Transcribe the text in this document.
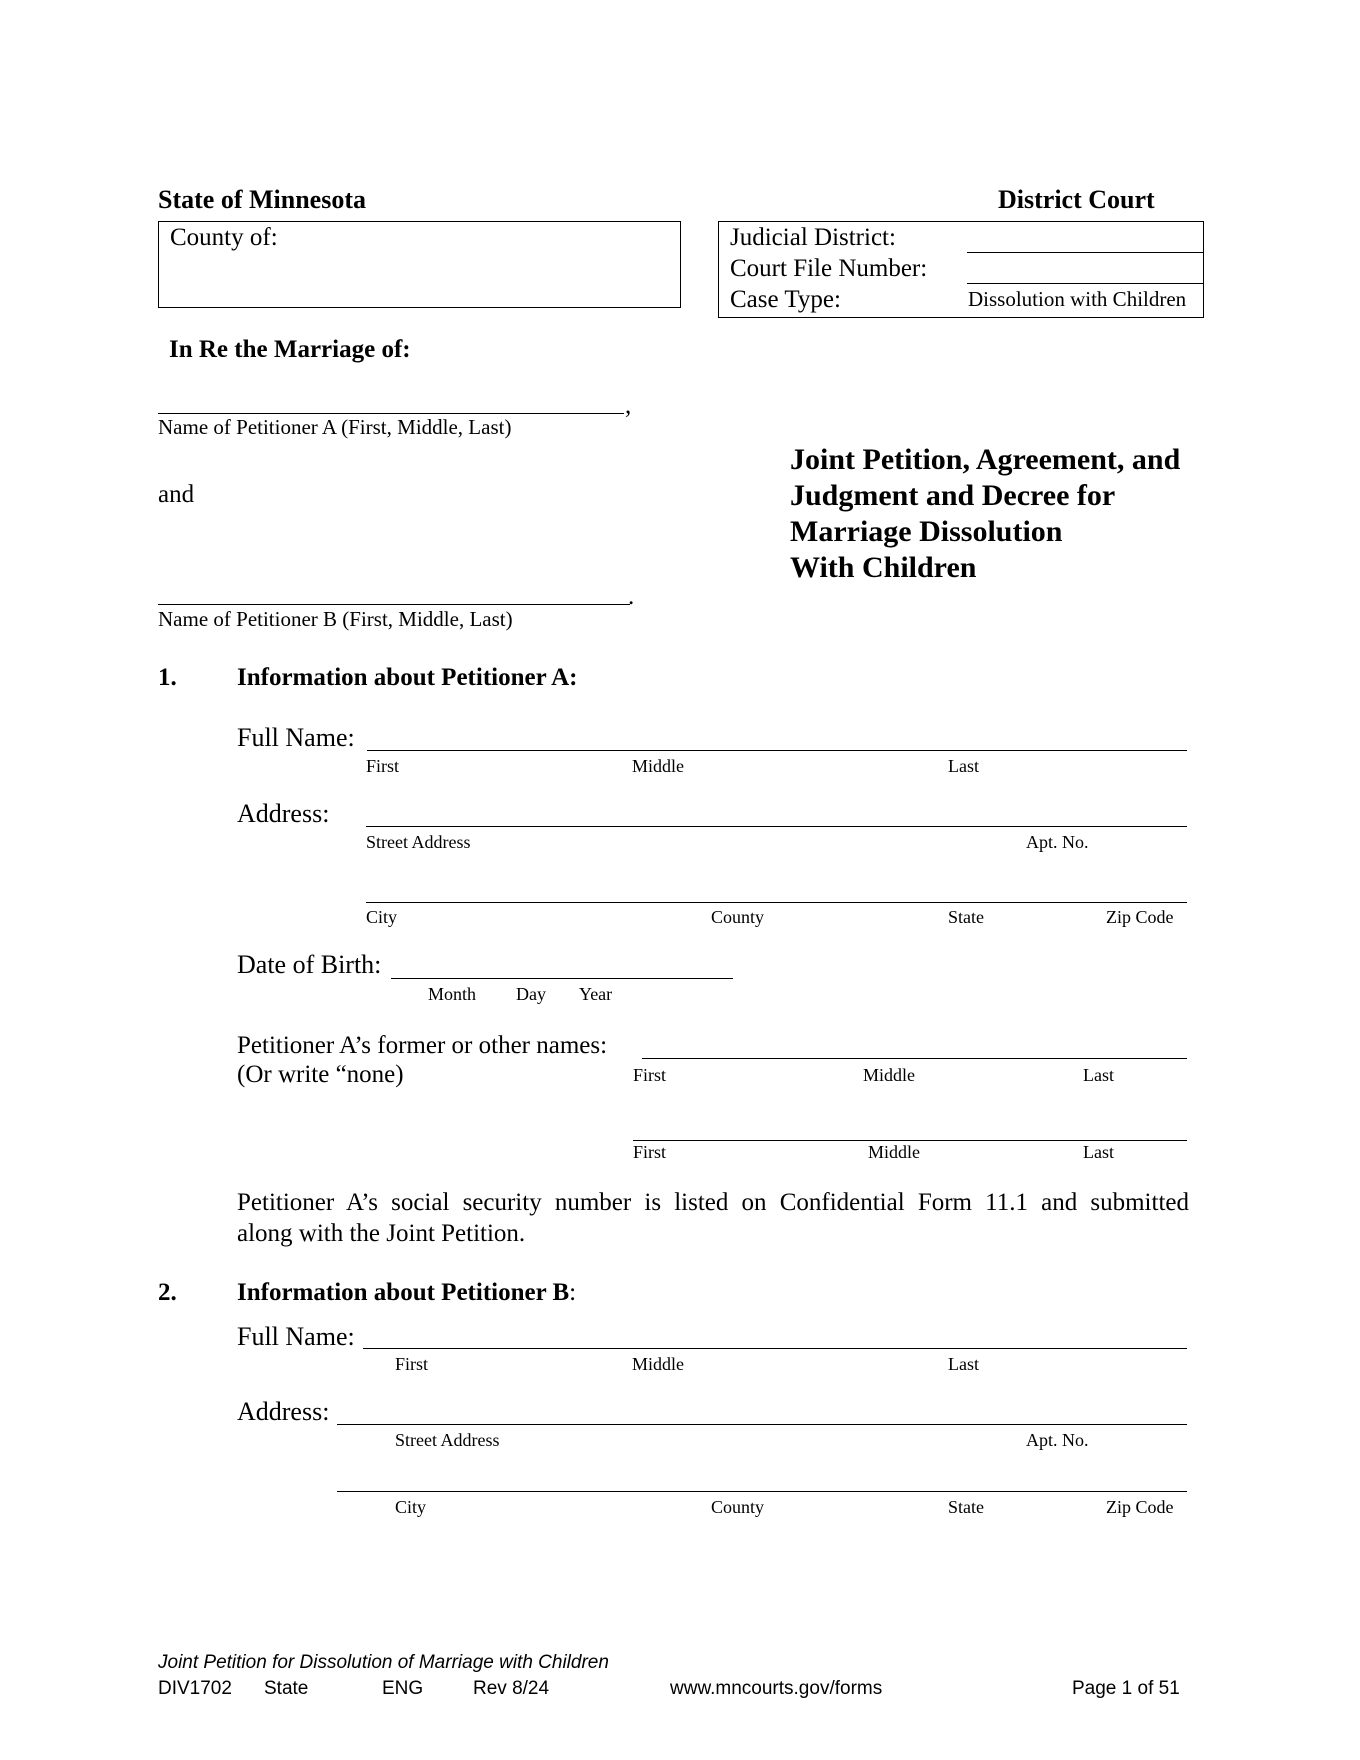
State of Minnesota	District Court
County of:	Judicial District:
Court File Number:
Case Type:	Dissolution with Children
In Re the Marriage of:
,
Name of Petitioner A (First, Middle, Last)
and
.
Name of Petitioner B (First, Middle, Last)
Joint Petition, Agreement, and
Judgment and Decree for
Marriage Dissolution
With Children
1. Information about Petitioner A:
Full Name:
First	Middle	Last
Address:
Street Address	Apt. No.
City	County	State	Zip Code
Date of Birth:
Month Day Year
Petitioner A’s former or other names:
(Or write “none)	First	Middle	Last
First	Middle	Last
Petitioner A’s social security number is listed on Confidential Form 11.1 and submitted
along with the Joint Petition.
2. Information about Petitioner B:
Full Name:
First	Middle	Last
Address:
Street Address	Apt. No.
City	County	State	Zip Code
Joint Petition for Dissolution of Marriage with Children
DIV1702 State	ENG	Rev 8/24	www.mncourts.gov/forms	Page 1 of 51
